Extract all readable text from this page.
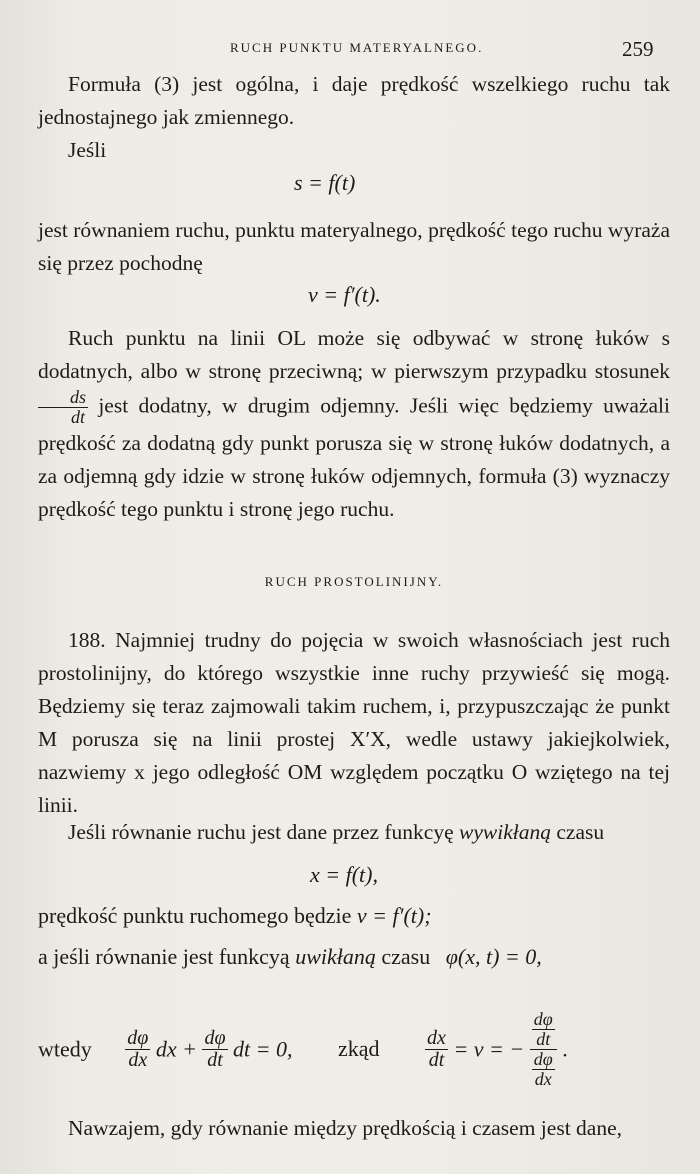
RUCH PUNKTU MATERYALNEGO.	259

Formuła (3) jest ogólna, i daje prędkość wszelkiego ruchu tak jednostajnego jak zmiennego.

Jeśli

s = f(t)

jest równaniem ruchu, punktu materyalnego, prędkość tego ruchu wyraża się przez pochodnę

v = f′(t).

Ruch punktu na linii OL może się odbywać w stronę łuków s dodatnych, albo w stronę przeciwną; w pierwszym przypadku stosunek
$\frac{ds}{dt}$ jest dodatny, w drugim odjemny. Jeśli więc będziemy uważali prędkość za dodatną gdy punkt porusza się w stronę łuków dodatnych, a za odjemną gdy idzie w stronę łuków odjemnych, formuła (3) wyznaczy prędkość tego punktu i stronę jego ruchu.

RUCH PROSTOLINIJNY.

188. Najmniej trudny do pojęcia w swoich własnościach jest ruch prostolinijny, do którego wszystkie inne ruchy przywieść się mogą. Będziemy się teraz zajmowali takim ruchem, i, przypuszczając że punkt M porusza się na linii prostej X′X, wedle ustawy jakiejkolwiek, nazwiemy x jego odległość OM względem początku O wziętego na tej linii.

Jeśli równanie ruchu jest dane przez funkcyę wywikłaną czasu

x = f(t),
prędkość punktu ruchomego będzie v = f′(t);
a jeśli równanie jest funkcyą uwikłaną czasu φ(x, t) = 0,
wtedy $\frac{d\varphi}{dx}$ dx + $\frac{d\varphi}{dt}$ dt = 0, zkąd $\frac{dx}{dt} = v$ = − $\frac{\frac{d\varphi}{dt}}{\frac{d\varphi}{dx}}$ .

Nawzajem, gdy równanie między prędkością i czasem jest dane,
